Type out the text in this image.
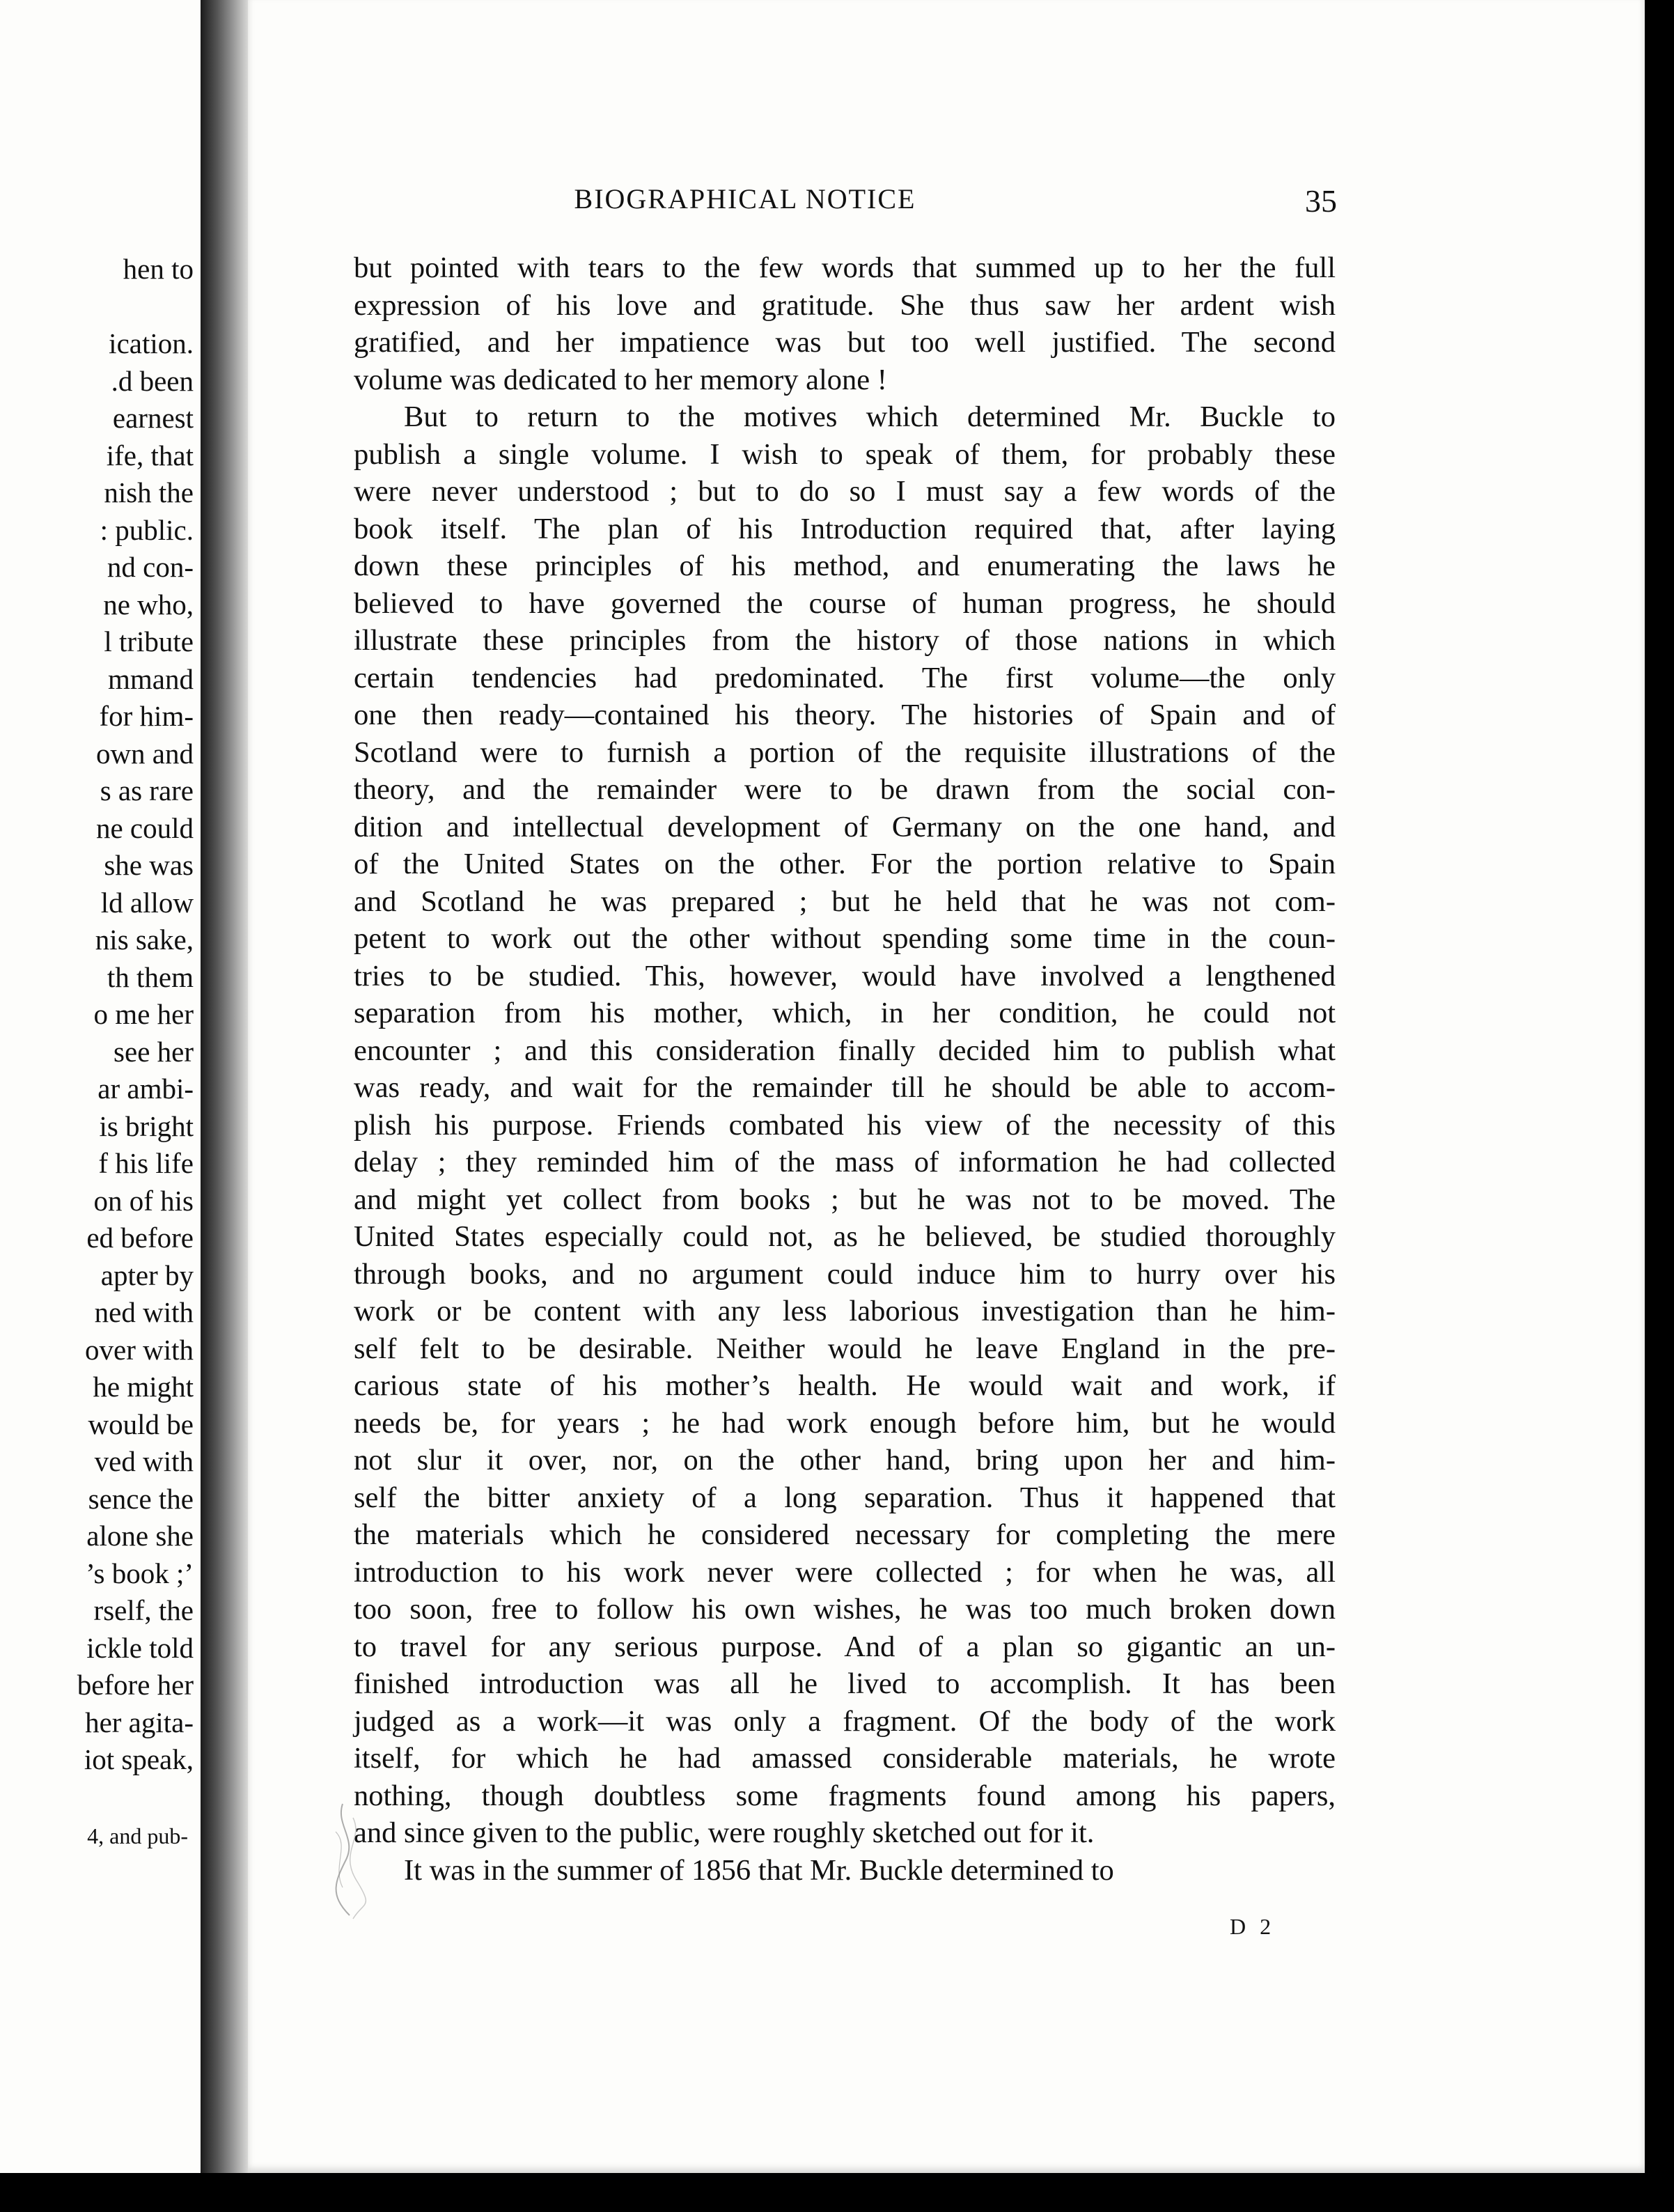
hen to
ication.
.d been
earnest
ife, that
nish the
: public.
nd con-
ne who,
l tribute
mmand
for him-
own and
s as rare
ne could
she was
ld allow
nis sake,
th them
o me her
see her
ar ambi-
is bright
f his life
on of his
ed before
apter by
ned with
over with
he might
would be
ved with
sence the
alone she
’s book ;’
rself, the
ickle told
before her
her agita-
iot speak,
4, and pub-
BIOGRAPHICAL NOTICE	35
but pointed with tears to the few words that summed up to her the full
expression of his love and gratitude. She thus saw her ardent wish
gratified, and her impatience was but too well justified. The second
volume was dedicated to her memory alone !
But to return to the motives which determined Mr. Buckle to
publish a single volume. I wish to speak of them, for probably these
were never understood ; but to do so I must say a few words of the
book itself. The plan of his Introduction required that, after laying
down these principles of his method, and enumerating the laws he
believed to have governed the course of human progress, he should
illustrate these principles from the history of those nations in which
certain tendencies had predominated. The first volume—the only
one then ready—contained his theory. The histories of Spain and of
Scotland were to furnish a portion of the requisite illustrations of the
theory, and the remainder were to be drawn from the social con-
dition and intellectual development of Germany on the one hand, and
of the United States on the other. For the portion relative to Spain
and Scotland he was prepared ; but he held that he was not com-
petent to work out the other without spending some time in the coun-
tries to be studied. This, however, would have involved a lengthened
separation from his mother, which, in her condition, he could not
encounter ; and this consideration finally decided him to publish what
was ready, and wait for the remainder till he should be able to accom-
plish his purpose. Friends combated his view of the necessity of this
delay ; they reminded him of the mass of information he had collected
and might yet collect from books ; but he was not to be moved. The
United States especially could not, as he believed, be studied thoroughly
through books, and no argument could induce him to hurry over his
work or be content with any less laborious investigation than he him-
self felt to be desirable. Neither would he leave England in the pre-
carious state of his mother’s health. He would wait and work, if
needs be, for years ; he had work enough before him, but he would
not slur it over, nor, on the other hand, bring upon her and him-
self the bitter anxiety of a long separation. Thus it happened that
the materials which he considered necessary for completing the mere
introduction to his work never were collected ; for when he was, all
too soon, free to follow his own wishes, he was too much broken down
to travel for any serious purpose. And of a plan so gigantic an un-
finished introduction was all he lived to accomplish. It has been
judged as a work—it was only a fragment. Of the body of the work
itself, for which he had amassed considerable materials, he wrote
nothing, though doubtless some fragments found among his papers,
and since given to the public, were roughly sketched out for it.
It was in the summer of 1856 that Mr. Buckle determined to
D 2
